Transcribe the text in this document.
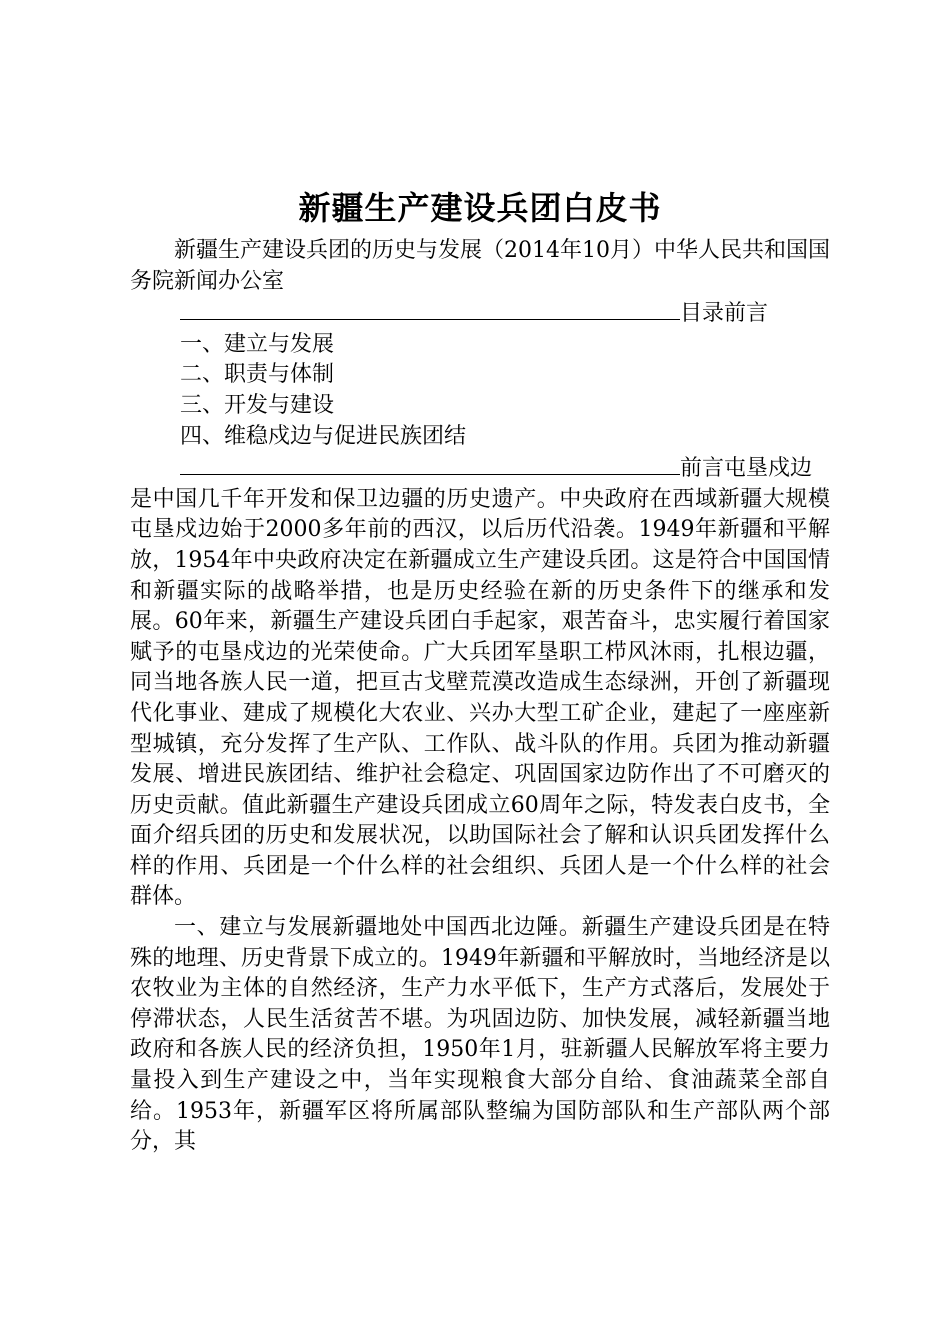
新疆生产建设兵团白皮书

新疆生产建设兵团的历史与发展（2014年10月）中华人民共和国国务院新闻办公室

目录前言

一、建立与发展

二、职责与体制

三、开发与建设

四、维稳戍边与促进民族团结

前言屯垦戍边

是中国几千年开发和保卫边疆的历史遗产。中央政府在西域新疆大规模屯垦戍边始于2000多年前的西汉，以后历代沿袭。1949年新疆和平解放，1954年中央政府决定在新疆成立生产建设兵团。这是符合中国国情和新疆实际的战略举措，也是历史经验在新的历史条件下的继承和发展。60年来，新疆生产建设兵团白手起家，艰苦奋斗，忠实履行着国家赋予的屯垦戍边的光荣使命。广大兵团军垦职工栉风沐雨，扎根边疆，同当地各族人民一道，把亘古戈壁荒漠改造成生态绿洲，开创了新疆现代化事业、建成了规模化大农业、兴办大型工矿企业，建起了一座座新型城镇，充分发挥了生产队、工作队、战斗队的作用。兵团为推动新疆发展、增进民族团结、维护社会稳定、巩固国家边防作出了不可磨灭的历史贡献。值此新疆生产建设兵团成立60周年之际，特发表白皮书，全面介绍兵团的历史和发展状况，以助国际社会了解和认识兵团发挥什么样的作用、兵团是一个什么样的社会组织、兵团人是一个什么样的社会群体。

一、建立与发展新疆地处中国西北边陲。新疆生产建设兵团是在特殊的地理、历史背景下成立的。1949年新疆和平解放时，当地经济是以农牧业为主体的自然经济，生产力水平低下，生产方式落后，发展处于停滞状态，人民生活贫苦不堪。为巩固边防、加快发展，减轻新疆当地政府和各族人民的经济负担，1950年1月，驻新疆人民解放军将主要力量投入到生产建设之中，当年实现粮食大部分自给、食油蔬菜全部自给。1953年，新疆军区将所属部队整编为国防部队和生产部队两个部分，其
